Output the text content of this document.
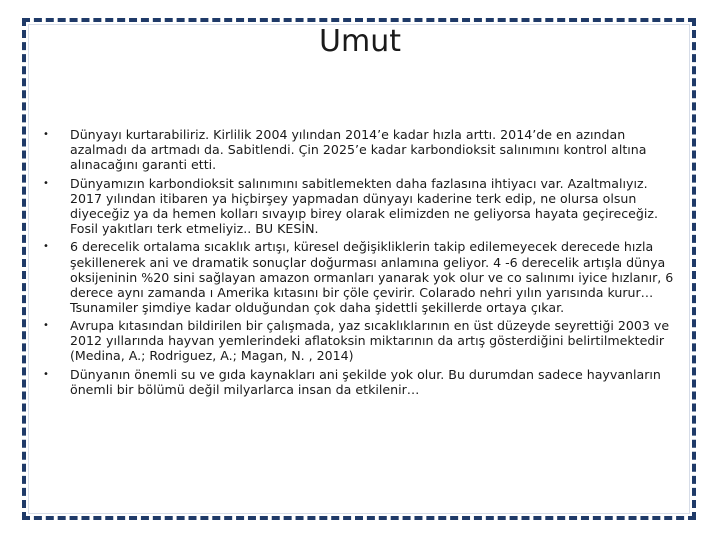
Umut
• Dünyayı kurtarabiliriz. Kirlilik 2004 yılından 2014’e kadar hızla arttı. 2014’de en azından azalmadı da artmadı da. Sabitlendi. Çin 2025’e kadar karbondioksit salınımını kontrol altına alınacağını garanti etti.
• Dünyamızın karbondioksit salınımını sabitlemekten daha fazlasına ihtiyacı var. Azaltmalıyız. 2017 yılından itibaren ya hiçbirşey yapmadan dünyayı kaderine terk edip, ne olursa olsun diyeceğiz ya da hemen kolları sıvayıp birey olarak elimizden ne geliyorsa hayata geçireceğiz. Fosil yakıtları terk etmeliyiz.. BU KESİN.
• 6 derecelik ortalama sıcaklık artışı, küresel değişikliklerin takip edilemeyecek derecede hızla şekillenerek ani ve dramatik sonuçlar doğurması anlamına geliyor. 4 -6 derecelik artışla dünya oksijeninin %20 sini sağlayan amazon ormanları yanarak yok olur ve co salınımı iyice hızlanır, 6 derece aynı zamanda ı Amerika kıtasını bir çöle çevirir. Colarado nehri yılın yarısında kurur…Tsunamiler şimdiye kadar olduğundan çok daha şidettli şekillerde ortaya çıkar.
• Avrupa kıtasından bildirilen bir çalışmada, yaz sıcaklıklarının en üst düzeyde seyrettiği 2003 ve 2012 yıllarında hayvan yemlerindeki aflatoksin miktarının da artış gösterdiğini belirtilmektedir (Medina, A.; Rodriguez, A.; Magan, N. , 2014)
• Dünyanın önemli su ve gıda kaynakları ani şekilde yok olur. Bu durumdan sadece hayvanların önemli bir bölümü değil milyarlarca insan da etkilenir…
